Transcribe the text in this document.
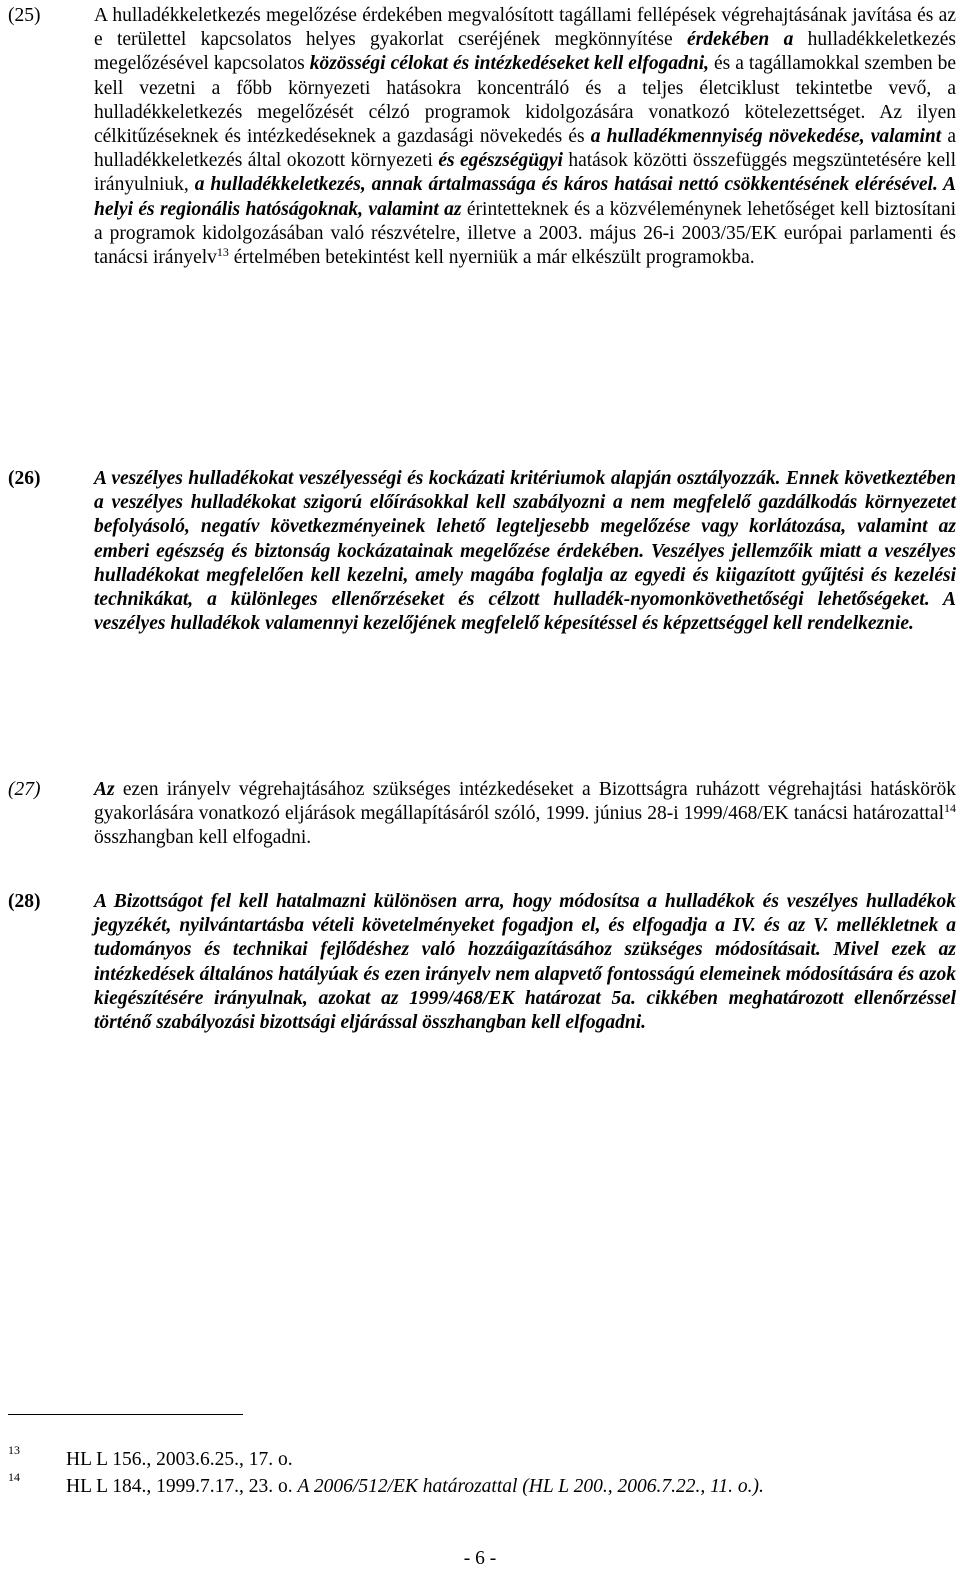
(25)	A hulladékkeletkezés megelőzése érdekében megvalósított tagállami fellépések végrehajtásának javítása és az e területtel kapcsolatos helyes gyakorlat cseréjének megkönnyítése érdekében a hulladékkeletkezés megelőzésével kapcsolatos közösségi célokat és intézkedéseket kell elfogadni, és a tagállamokkal szemben be kell vezetni a főbb környezeti hatásokra koncentráló és a teljes életciklust tekintetbe vevő, a hulladékkeletkezés megelőzését célzó programok kidolgozására vonatkozó kötelezettséget. Az ilyen célkitűzéseknek és intézkedéseknek a gazdasági növekedés és a hulladékmennyiség növekedése, valamint a hulladékkeletkezés által okozott környezeti és egészségügyi hatások közötti összefüggés megszüntetésére kell irányulniuk, a hulladékkeletkezés, annak ártalmassága és káros hatásai nettó csökkentésének elérésével. A helyi és regionális hatóságoknak, valamint az érintetteknek és a közvéleménynek lehetőséget kell biztosítani a programok kidolgozásában való részvételre, illetve a 2003. május 26-i 2003/35/EK európai parlamenti és tanácsi irányelv$^{13}$ értelmében betekintést kell nyerniük a már elkészült programokba.
(26)	A veszélyes hulladékokat veszélyességi és kockázati kritériumok alapján osztályozzák. Ennek következtében a veszélyes hulladékokat szigorú előírásokkal kell szabályozni a nem megfelelő gazdálkodás környezetet befolyásoló, negatív következményeinek lehető legteljesebb megelőzése vagy korlátozása, valamint az emberi egészség és biztonság kockázatainak megelőzése érdekében. Veszélyes jellemzőik miatt a veszélyes hulladékokat megfelelően kell kezelni, amely magába foglalja az egyedi és kiigazított gyűjtési és kezelési technikákat, a különleges ellenőrzéseket és célzott hulladék-nyomonkövethetőségi lehetőségeket. A veszélyes hulladékok valamennyi kezelőjének megfelelő képesítéssel és képzettséggel kell rendelkeznie.
(27)	Az ezen irányelv végrehajtásához szükséges intézkedéseket a Bizottságra ruházott végrehajtási hatáskörök gyakorlására vonatkozó eljárások megállapításáról szóló, 1999. június 28-i 1999/468/EK tanácsi határozattal$^{14}$ összhangban kell elfogadni.
(28)	A Bizottságot fel kell hatalmazni különösen arra, hogy módosítsa a hulladékok és veszélyes hulladékok jegyzékét, nyilvántartásba vételi követelményeket fogadjon el, és elfogadja a IV. és az V. mellékletnek a tudományos és technikai fejlődéshez való hozzáigazításához szükséges módosításait. Mivel ezek az intézkedések általános hatályúak és ezen irányelv nem alapvető fontosságú elemeinek módosítására és azok kiegészítésére irányulnak, azokat az 1999/468/EK határozat 5a. cikkében meghatározott ellenőrzéssel történő szabályozási bizottsági eljárással összhangban kell elfogadni.
13 HL L 156., 2003.6.25., 17. o.
14 HL L 184., 1999.7.17., 23. o. A 2006/512/EK határozattal (HL L 200., 2006.7.22., 11. o.).
- 6 -
